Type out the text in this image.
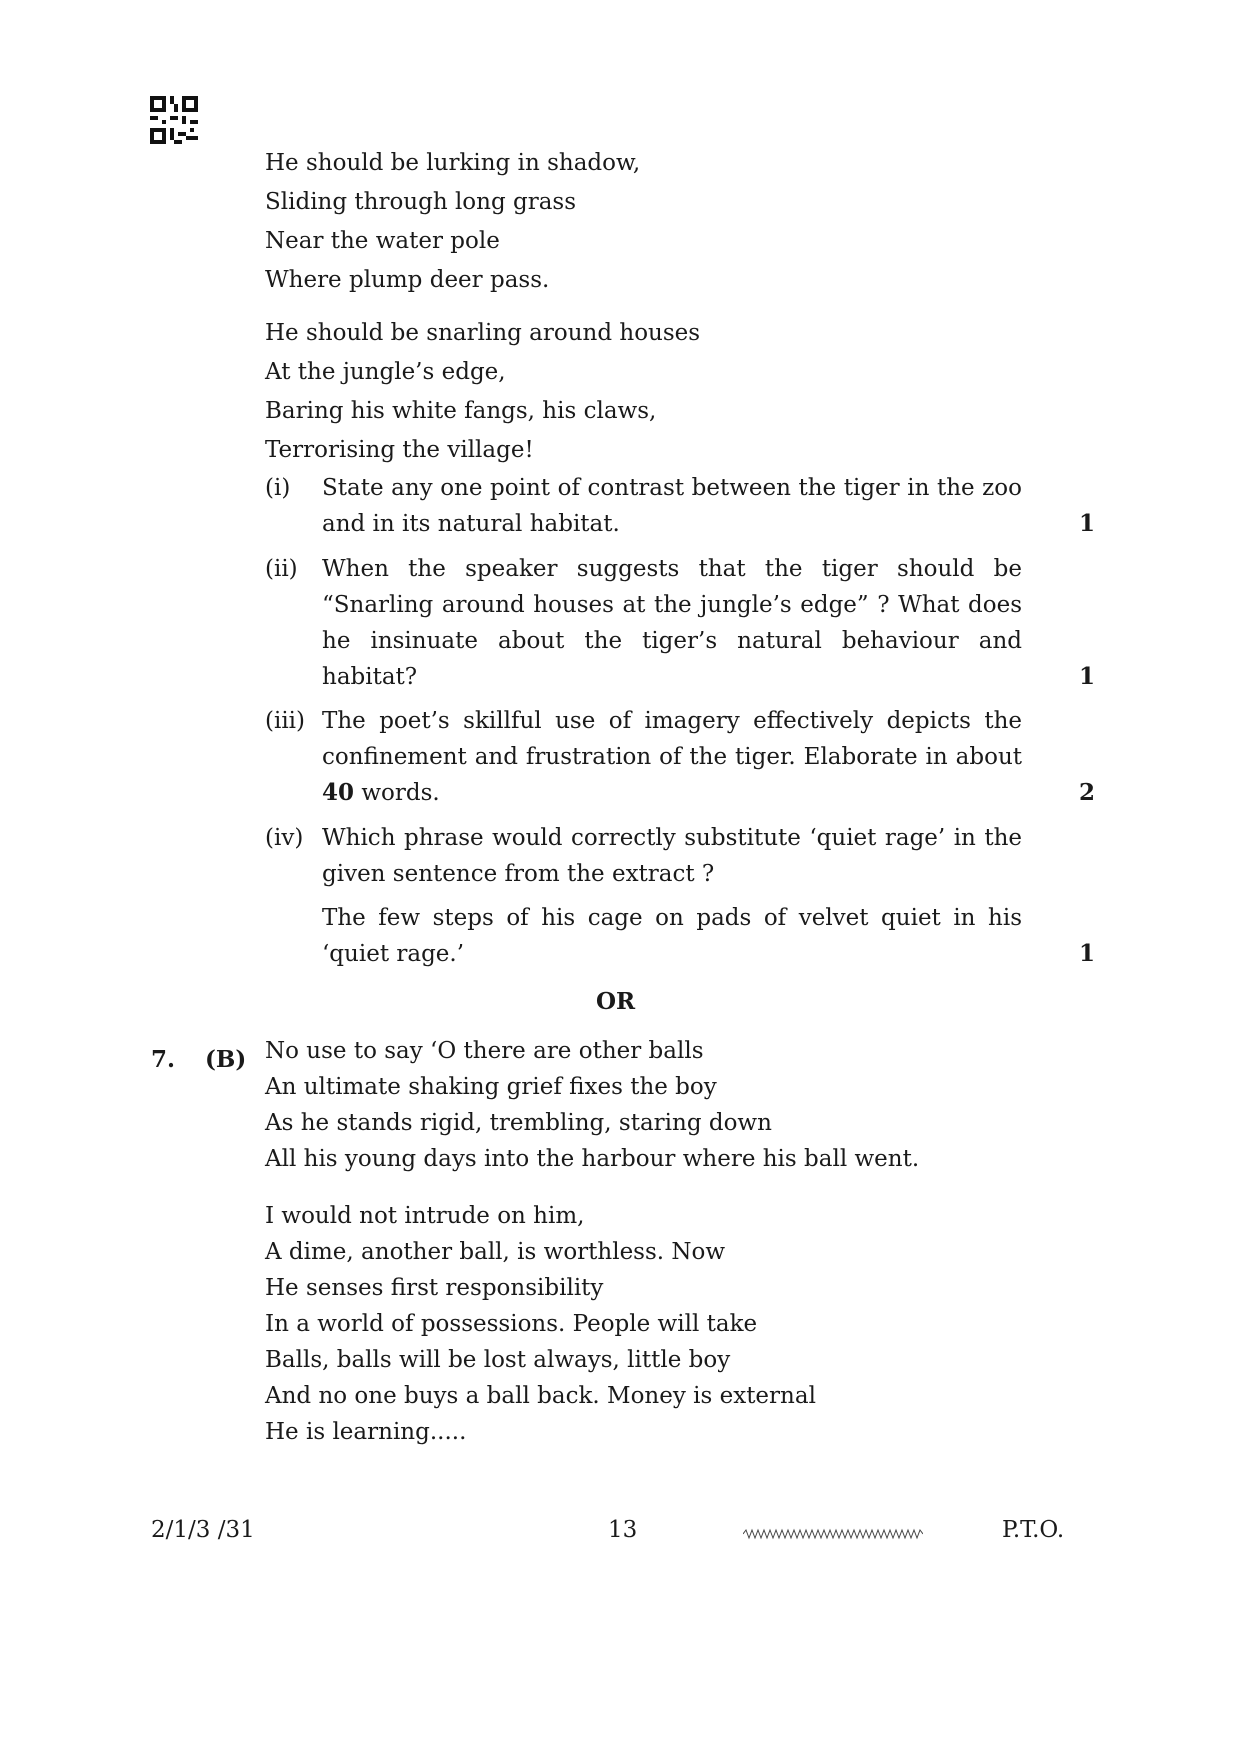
He should be lurking in shadow,
Sliding through long grass
Near the water pole
Where plump deer pass.
He should be snarling around houses
At the jungle’s edge,
Baring his white fangs, his claws,
Terrorising the village!
(i) State any one point of contrast between the tiger in the zoo and in its natural habitat.	1
(ii) When the speaker suggests that the tiger should be “Snarling around houses at the jungle’s edge” ? What does he insinuate about the tiger’s natural behaviour and habitat?	1
(iii) The poet’s skillful use of imagery effectively depicts the confinement and frustration of the tiger. Elaborate in about 40 words.	2
(iv) Which phrase would correctly substitute ‘quiet rage’ in the given sentence from the extract ?
The few steps of his cage on pads of velvet quiet in his ‘quiet rage.’	1
OR
7. (B) No use to say ‘O there are other balls
An ultimate shaking grief fixes the boy
As he stands rigid, trembling, staring down
All his young days into the harbour where his ball went.
I would not intrude on him,
A dime, another ball, is worthless. Now
He senses first responsibility
In a world of possessions. People will take
Balls, balls will be lost always, little boy
And no one buys a ball back. Money is external
He is learning.....
2/1/3 /31	13	P.T.O.
